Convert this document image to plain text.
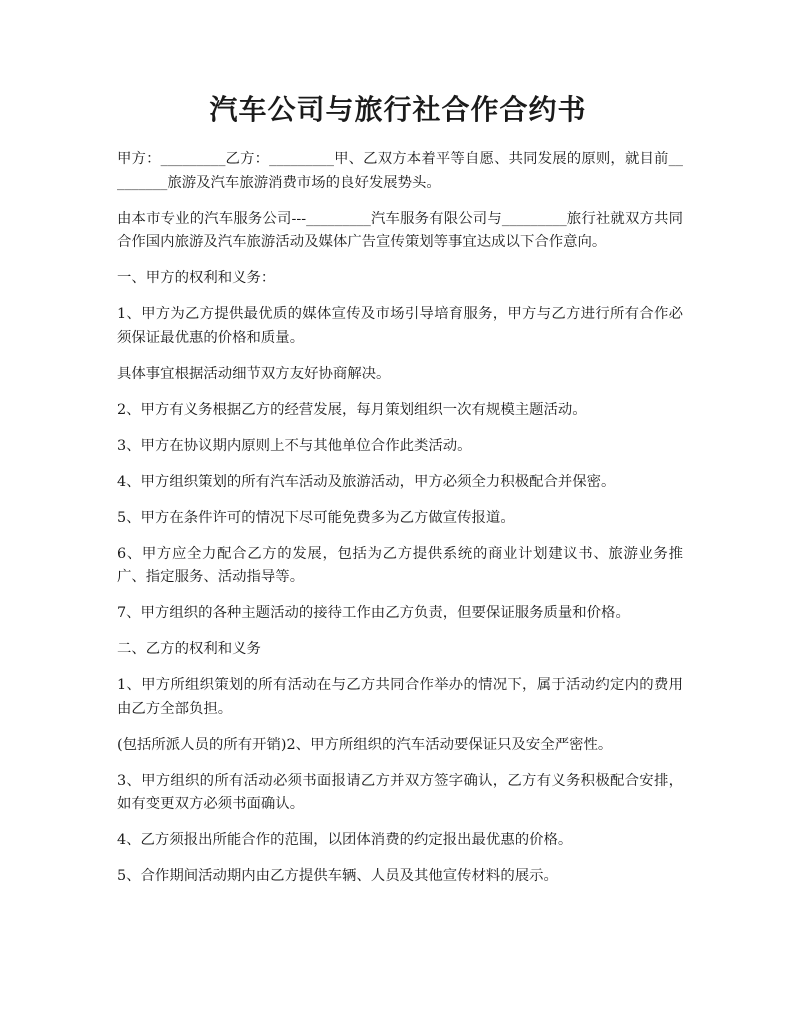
汽车公司与旅行社合作合约书

甲方：_________乙方：_________甲、乙双方本着平等自愿、共同发展的原则，就目前_________旅游及汽车旅游消费市场的良好发展势头。

由本市专业的汽车服务公司---_________汽车服务有限公司与_________旅行社就双方共同合作国内旅游及汽车旅游活动及媒体广告宣传策划等事宜达成以下合作意向。

一、甲方的权利和义务：

1、甲方为乙方提供最优质的媒体宣传及市场引导培育服务，甲方与乙方进行所有合作必须保证最优惠的价格和质量。

具体事宜根据活动细节双方友好协商解决。

2、甲方有义务根据乙方的经营发展，每月策划组织一次有规模主题活动。

3、甲方在协议期内原则上不与其他单位合作此类活动。

4、甲方组织策划的所有汽车活动及旅游活动，甲方必须全力积极配合并保密。

5、甲方在条件许可的情况下尽可能免费多为乙方做宣传报道。

6、甲方应全力配合乙方的发展，包括为乙方提供系统的商业计划建议书、旅游业务推广、指定服务、活动指导等。

7、甲方组织的各种主题活动的接待工作由乙方负责，但要保证服务质量和价格。

二、乙方的权利和义务

1、甲方所组织策划的所有活动在与乙方共同合作举办的情况下，属于活动约定内的费用由乙方全部负担。

(包括所派人员的所有开销)2、甲方所组织的汽车活动要保证只及安全严密性。

3、甲方组织的所有活动必须书面报请乙方并双方签字确认，乙方有义务积极配合安排，如有变更双方必须书面确认。

4、乙方须报出所能合作的范围，以团体消费的约定报出最优惠的价格。

5、合作期间活动期内由乙方提供车辆、人员及其他宣传材料的展示。
